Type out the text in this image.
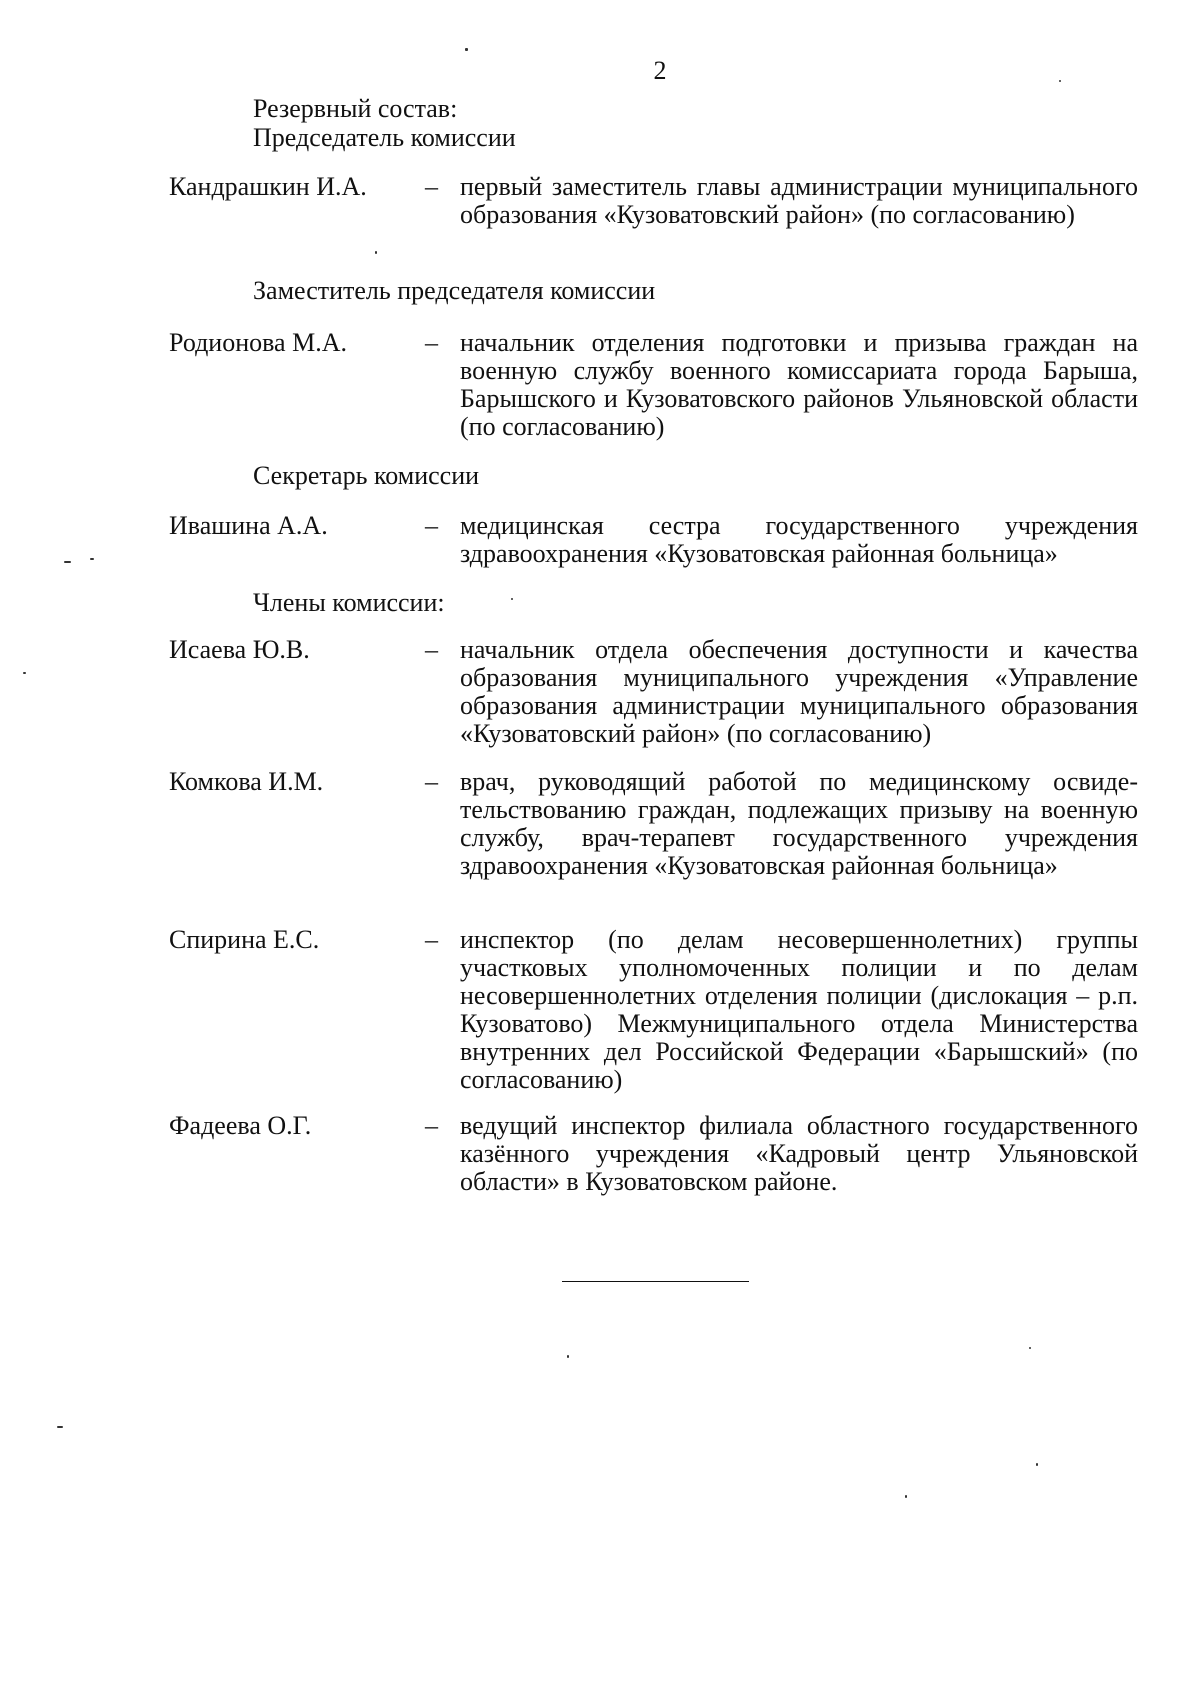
2
Резервный состав:
Председатель комиссии
Кандрашкин И.А. – первый заместитель главы администрации муниципального образования «Кузоватовский район» (по согласованию)
Заместитель председателя комиссии
Родионова М.А.	– начальник отделения подготовки и призыва граждан на военную службу военного комиссариата города Барыша, Барышского и Кузоватовского районов Ульяновской области (по согласованию)
Секретарь комиссии
Ивашина А.А.	– медицинская сестра государственного учреждения здравоохранения «Кузоватовская районная больница»
Члены комиссии:
Исаева Ю.В.	– начальник отдела обеспечения доступности и качества образования муниципального учреждения «Управление образования администрации муниципального образования «Кузоватовский район» (по согласованию)
Комкова И.М.	– врач, руководящий работой по медицинскому освидетельствованию граждан, подлежащих призыву на военную службу, врач-терапевт государственного учреждения здравоохранения «Кузоватовская районная больница»
Спирина Е.С.	– инспектор (по делам несовершеннолетних) группы участковых уполномоченных полиции и по делам несовершеннолетних отделения полиции (дислокация – р.п. Кузоватово) Межмуниципального отдела Министерства внутренних дел Российской Федерации «Барышский» (по согласованию)
Фадеева О.Г.	– ведущий инспектор филиала областного государственного казённого учреждения «Кадровый центр Ульяновской области» в Кузоватовском районе.
